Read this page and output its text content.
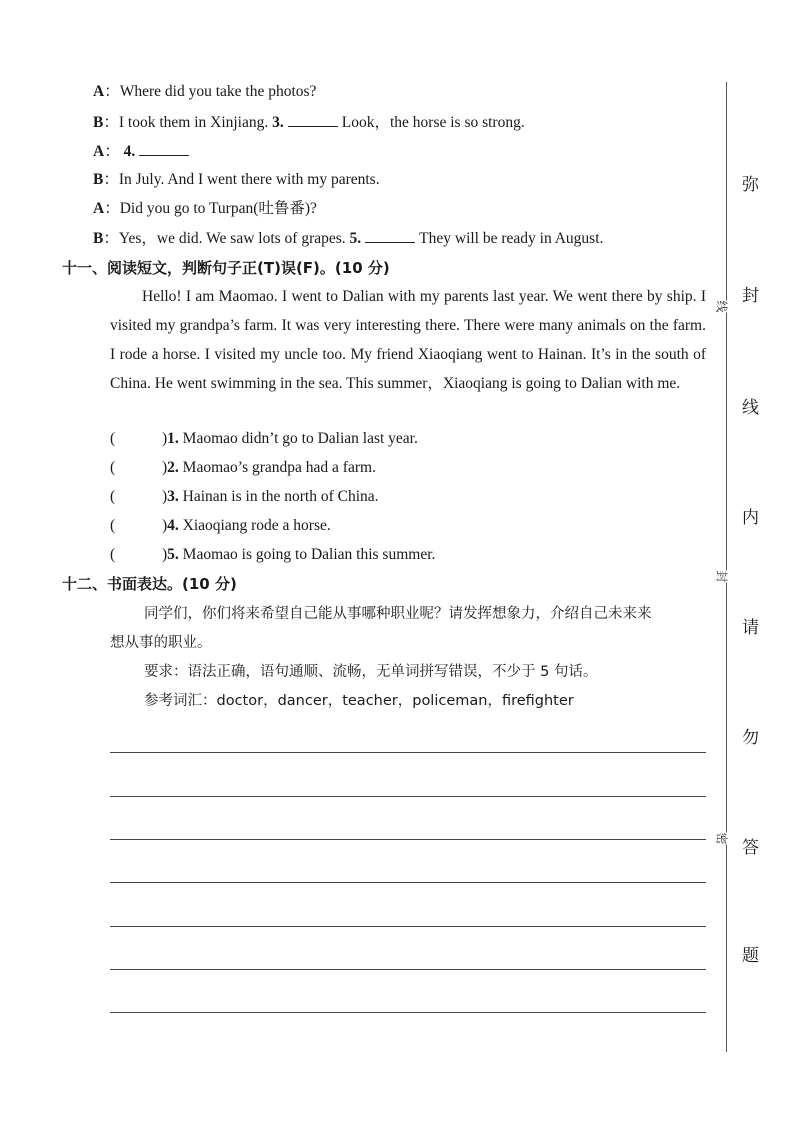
A：Where did you take the photos?
B：I took them in Xinjiang. 3.	Look，the horse is so strong.
A： 4.
B：In July. And I went there with my parents.
A：Did you go to Turpan(吐鲁番)?
B：Yes，we did. We saw lots of grapes. 5.	They will be ready in August.
十一、阅读短文，判断句子正(T)误(F)。(10 分)
Hello! I am Maomao. I went to Dalian with my parents last year. We went there by ship. I visited my grandpa’s farm. It was very interesting there. There were many animals on the farm. I rode a horse. I visited my uncle too. My friend Xiaoqiang went to Hainan. It’s in the south of China. He went swimming in the sea. This summer，Xiaoqiang is going to Dalian with me.
(	)1. Maomao didn’t go to Dalian last year.
(	)2. Maomao’s grandpa had a farm.
(	)3. Hainan is in the north of China.
(	)4. Xiaoqiang rode a horse.
(	)5. Maomao is going to Dalian this summer.
十二、书面表达。(10 分)
同学们，你们将来希望自己能从事哪种职业呢？请发挥想象力，介绍自己未来来
想从事的职业。
要求：语法正确，语句通顺、流畅，无单词拼写错误，不少于 5 句话。
参考词汇：doctor，dancer，teacher，policeman，firefighter
线
封
密
弥
封
线
内
请
勿
答
题
